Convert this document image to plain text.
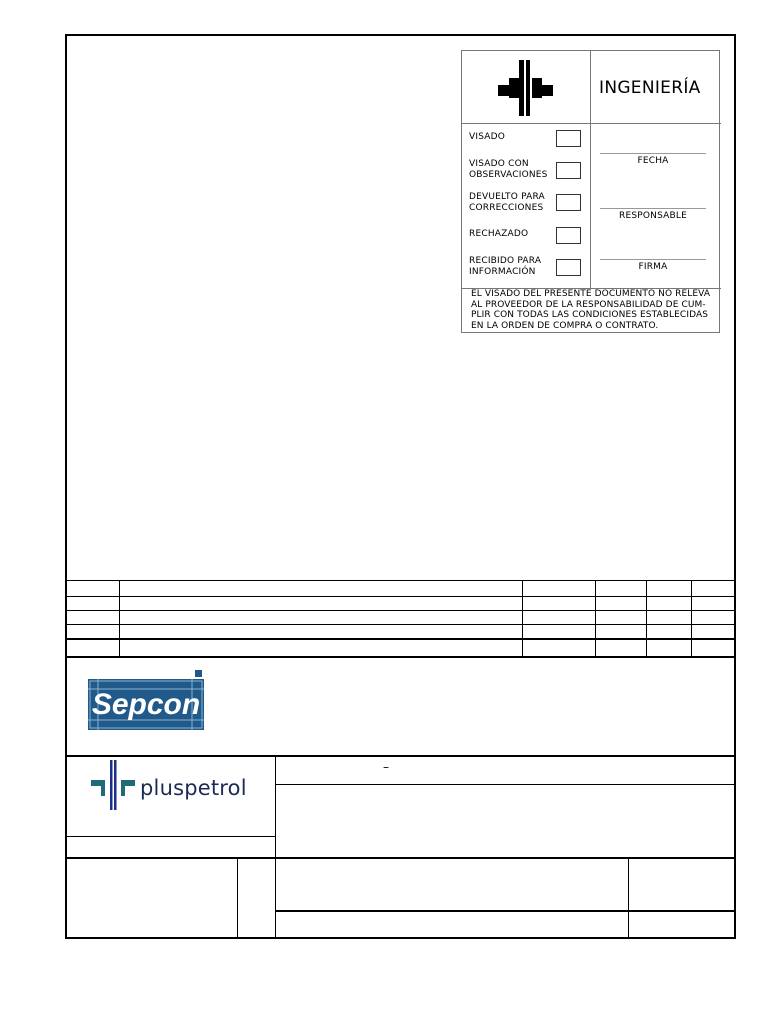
INGENIERÍA
VISADO
VISADO CON
OBSERVACIONES
DEVUELTO PARA
CORRECCIONES
RECHAZADO
RECIBIDO PARA
INFORMACIÓN
FECHA
RESPONSABLE
FIRMA
EL VISADO DEL PRESENTE DOCUMENTO NO RELEVA
AL PROVEEDOR DE LA RESPONSABILIDAD DE CUM-
PLIR CON TODAS LAS CONDICIONES ESTABLECIDAS
EN LA ORDEN DE COMPRA O CONTRATO.
Sepcon
–
pluspetrol
